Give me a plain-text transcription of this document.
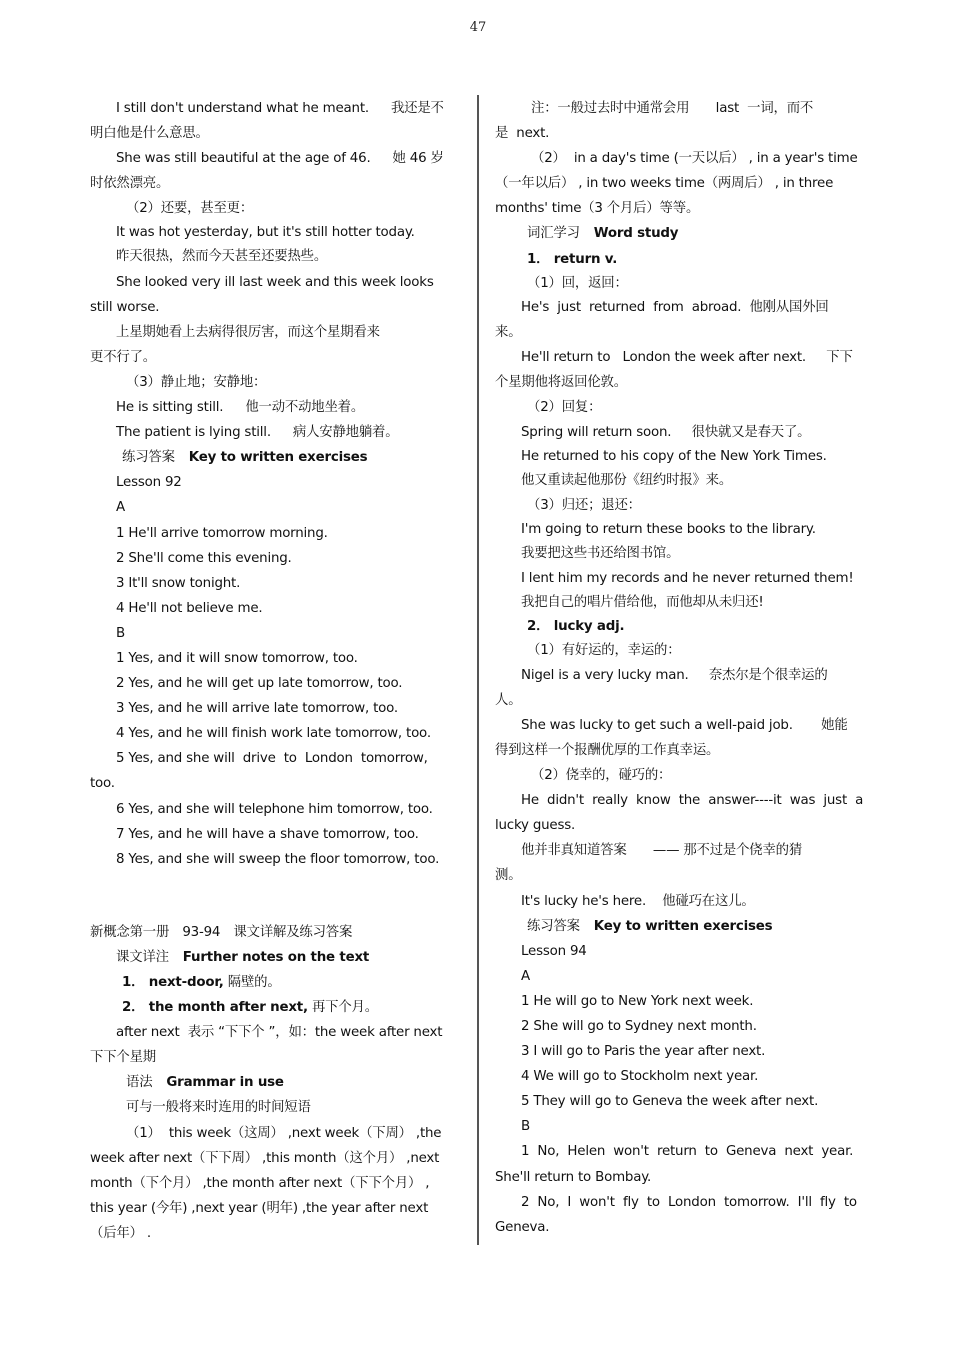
47
I still don't understand what he meant. 我还是不
明白他是什么意思。
She was still beautiful at the age of 46. 她 46 岁
时依然漂亮。
（2）还要，甚至更：
It was hot yesterday, but it's still hotter today.
昨天很热，然而今天甚至还要热些。
She looked very ill last week and this week looks
still worse.
上星期她看上去病得很厉害，而这个星期看来
更不行了。
（3）静止地；安静地：
He is sitting still. 他一动不动地坐着。
The patient is lying still. 病人安静地躺着。
练习答案 Key to written exercises
Lesson 92
A
1 He'll arrive tomorrow morning.
2 She'll come this evening.
3 It'll snow tonight.
4 He'll not believe me.
B
1 Yes, and it will snow tomorrow, too.
2 Yes, and he will get up late tomorrow, too.
3 Yes, and he will arrive late tomorrow, too.
4 Yes, and he will finish work late tomorrow, too.
5 Yes, and she will  drive  to  London  tomorrow,
too.
6 Yes, and she will telephone him tomorrow, too.
7 Yes, and he will have a shave tomorrow, too.
8 Yes, and she will sweep the floor tomorrow, too.
新概念第一册　93-94　课文详解及练习答案
课文详注 Further notes on the text
1． next-door, 隔壁的。
2． the month after next, 再下个月。
after next  表示 “下下个 ”，如：the week after next
下下个星期
语法 Grammar in use
可与一般将来时连用的时间短语
（1）  this week（这周） ,next week（下周） ,the
week after next（下下周） ,this month（这个月） ,next
month（下个月） ,the month after next（下下个月） ,
this year (今年) ,next year (明年) ,the year after next
（后年） .
注：一般过去时中通常会用　　last  一词，而不
是  next.
（2）  in a day's time (一天以后） , in a year's time
（一年以后） , in two weeks time（两周后） , in three
months' time（3 个月后）等等。
词汇学习 Word study
1． return v.
（1）回，返回：
He's  just  returned  from  abroad.  他刚从国外回
来。
He'll return to   London the week after next.     下下
个星期他将返回伦敦。
（2）回复：
Spring will return soon.     很快就又是春天了。
He returned to his copy of the New York Times.
他又重读起他那份《纽约时报》来。
（3）归还；退还：
I'm going to return these books to the library.
我要把这些书还给图书馆。
I lent him my records and he never returned them!
我把自己的唱片借给他，而他却从未归还!
2． lucky adj.
（1）有好运的，幸运的：
Nigel is a very lucky man.     奈杰尔是个很幸运的
人。
She was lucky to get such a well-paid job.       她能
得到这样一个报酬优厚的工作真幸运。
（2）侥幸的，碰巧的：
He  didn't  really  know  the  answer----it  was  just  a
lucky guess.
他并非真知道答案　　—— 那不过是个侥幸的猜
测。
It's lucky he's here.    他碰巧在这儿。
练习答案 Key to written exercises
Lesson 94
A
1 He will go to New York next week.
2 She will go to Sydney next month.
3 I will go to Paris the year after next.
4 We will go to Stockholm next year.
5 They will go to Geneva the week after next.
B
1  No,  Helen  won't  return  to  Geneva  next  year.
She'll return to Bombay.
2  No,  I  won't  fly  to  London  tomorrow.  I'll  fly  to
Geneva.
